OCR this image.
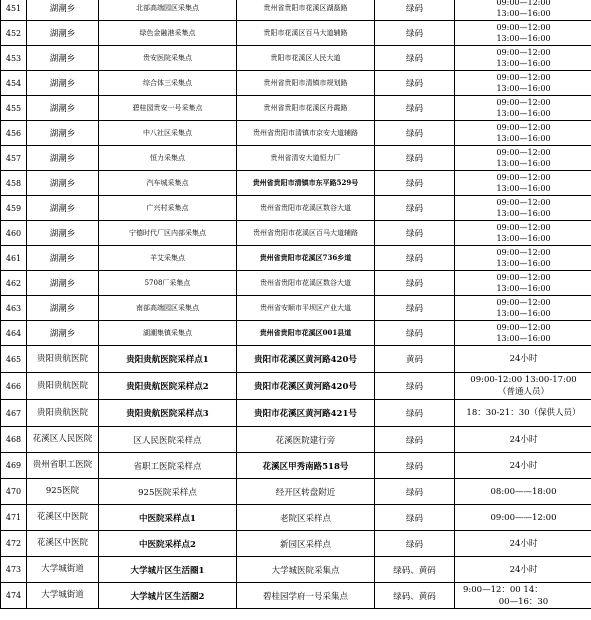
451	湖潮乡	北部高端园区采集点	贵州省贵阳市花溪区湖磊路	绿码	09:00—12:00
13:00—16:00

452	湖潮乡	绿色金融港采集点	贵阳市花溪区百马大道辅路	绿码	09:00—12:00
13:00—16:00

453	湖潮乡	贵安医院采集点	贵阳市花溪区人民大道	绿码	09:00—12:00
13:00—16:00

454	湖潮乡	综合体三采集点	贵州省贵阳市清镇市规划路	绿码	09:00—12:00
13:00—16:00

455	湖潮乡	碧桂园贵安一号采集点	贵州省贵阳市花溪区丹霞路	绿码	09:00—12:00
13:00—16:00

456	湖潮乡	中八社区采集点	贵州省贵阳市清镇市京安大道辅路	绿码	09:00—12:00
13:00—16:00

457	湖潮乡	恒力采集点	贵州省清安大道恒力厂	绿码	09:00—12:00
13:00—16:00

458	湖潮乡	汽车城采集点	贵州省贵阳市清镇市东平路529号	绿码	09:00—12:00
13:00—16:00

459	湖潮乡	广兴村采集点	贵州省贵阳市花溪区数谷大道	绿码	09:00—12:00
13:00—16:00

460	湖潮乡	宁德时代厂区内部采集点	贵州省贵阳市花溪区百马大道辅路	绿码	09:00—12:00
13:00—16:00

461	湖潮乡	羊艾采集点	贵州省贵阳市花溪区736乡道	绿码	09:00—12:00
13:00—16:00

462	湖潮乡	5708厂采集点	贵州省贵阳市花溪区数谷大道	绿码	09:00—12:00
13:00—16:00

463	湖潮乡	南部高端园区采集点	贵州省安顺市平坝区产业大道	绿码	09:00—12:00
13:00—16:00

464	湖潮乡	湖潮集镇采集点	贵州省贵阳市花溪区001县道	绿码	09:00—12:00
13:00—16:00

465	贵阳贵航医院	贵阳贵航医院采样点1	贵阳市花溪区黄河路420号	黄码	24小时

466	贵阳贵航医院	贵阳贵航医院采样点2	贵阳市花溪区黄河路420号	绿码	09:00-12:00 13:00-17:00
（普通人员）

467	贵阳贵航医院	贵阳贵航医院采样点3	贵阳市花溪区黄河路421号	绿码	18：30-21：30（保供人员）

468	花溪区人民医院	区人民医院采样点	花溪医院建行旁	绿码	24小时

469	贵州省职工医院	省职工医院采样点	花溪区甲秀南路518号	绿码	24小时

470	925医院	925医院采样点	经开区转盘附近	绿码	08:00——18:00

471	花溪区中医院	中医院采样点1	老院区采样点	绿码	09:00——12:00

472	花溪区中医院	中医院采样点2	新园区采样点	绿码	24小时

473	大学城街道	大学城片区生活圈1	大学城医院采集点	绿码、黄码	24小时

474	大学城街道	大学城片区生活圈2	碧桂园学府一号采集点	绿码、黄码	9:00—12：00 14：
00—16：30
